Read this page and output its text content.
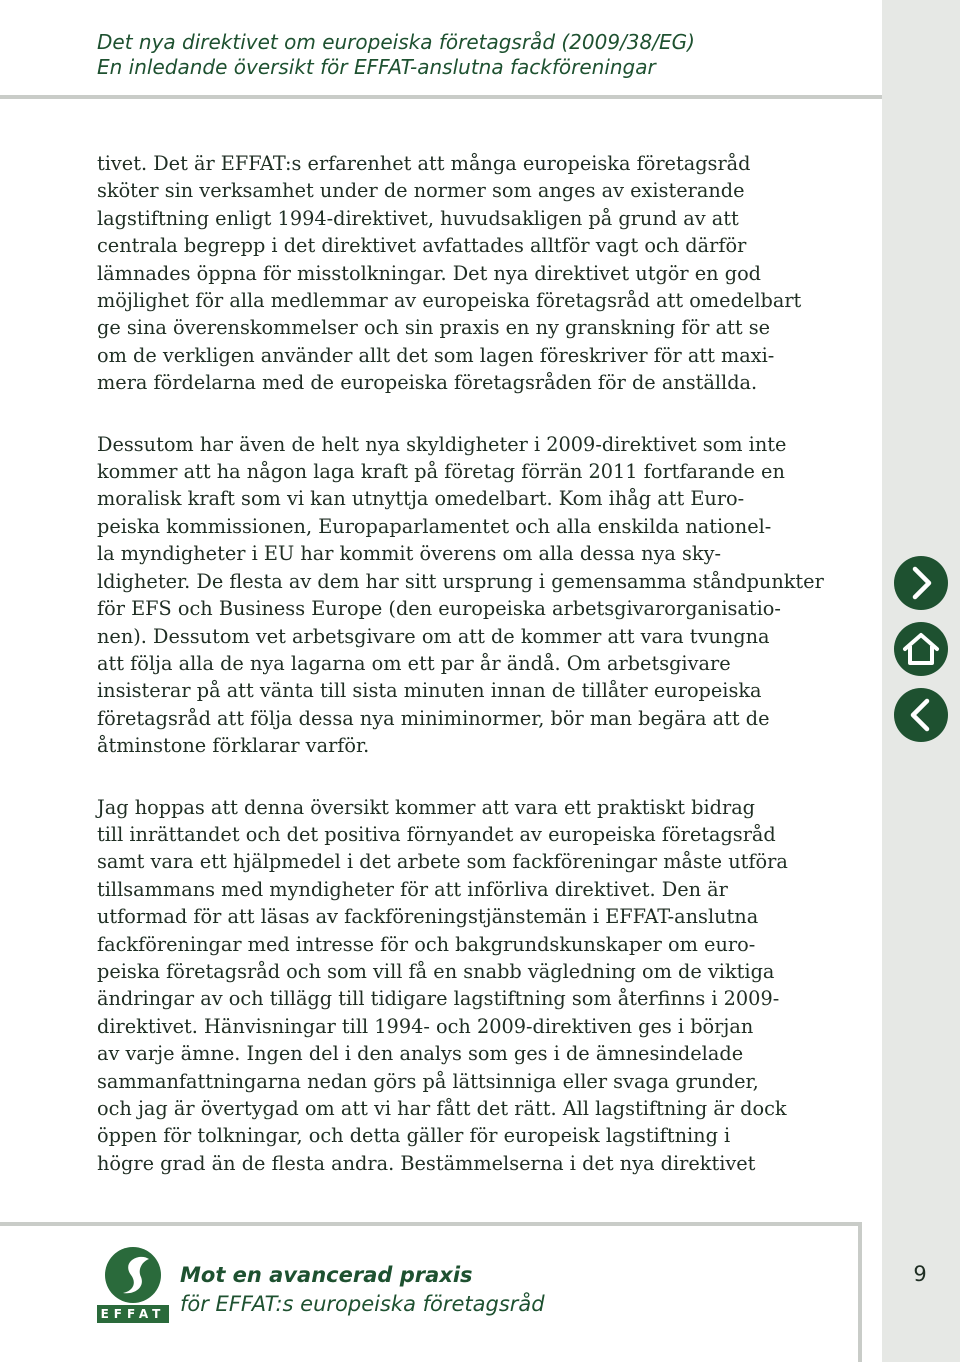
Det nya direktivet om europeiska företagsråd (2009/38/EG)
En inledande översikt för EFFAT-anslutna fackföreningar

tivet. Det är EFFAT:s erfarenhet att många europeiska företagsråd
sköter sin verksamhet under de normer som anges av existerande
lagstiftning enligt 1994-direktivet, huvudsakligen på grund av att
centrala begrepp i det direktivet avfattades alltför vagt och därför
lämnades öppna för misstolkningar. Det nya direktivet utgör en god
möjlighet för alla medlemmar av europeiska företagsråd att omedelbart
ge sina överenskommelser och sin praxis en ny granskning för att se
om de verkligen använder allt det som lagen föreskriver för att maxi-
mera fördelarna med de europeiska företagsråden för de anställda.

Dessutom har även de helt nya skyldigheter i 2009-direktivet som inte
kommer att ha någon laga kraft på företag förrän 2011 fortfarande en
moralisk kraft som vi kan utnyttja omedelbart. Kom ihåg att Euro-
peiska kommissionen, Europaparlamentet och alla enskilda nationel-
la myndigheter i EU har kommit överens om alla dessa nya sky-
ldigheter. De flesta av dem har sitt ursprung i gemensamma ståndpunkter
för EFS och Business Europe (den europeiska arbetsgivarorganisatio-
nen). Dessutom vet arbetsgivare om att de kommer att vara tvungna
att följa alla de nya lagarna om ett par år ändå. Om arbetsgivare
insisterar på att vänta till sista minuten innan de tillåter europeiska
företagsråd att följa dessa nya miniminormer, bör man begära att de
åtminstone förklarar varför.

Jag hoppas att denna översikt kommer att vara ett praktiskt bidrag
till inrättandet och det positiva förnyandet av europeiska företagsråd
samt vara ett hjälpmedel i det arbete som fackföreningar måste utföra
tillsammans med myndigheter för att införliva direktivet. Den är
utformad för att läsas av fackföreningstjänstemän i EFFAT-anslutna
fackföreningar med intresse för och bakgrundskunskaper om euro-
peiska företagsråd och som vill få en snabb vägledning om de viktiga
ändringar av och tillägg till tidigare lagstiftning som återfinns i 2009-
direktivet. Hänvisningar till 1994- och 2009-direktiven ges i början
av varje ämne. Ingen del i den analys som ges i de ämnesindelade
sammanfattningarna nedan görs på lättsinniga eller svaga grunder,
och jag är övertygad om att vi har fått det rätt. All lagstiftning är dock
öppen för tolkningar, och detta gäller för europeisk lagstiftning i
högre grad än de flesta andra. Bestämmelserna i det nya direktivet

EFFAT
Mot en avancerad praxis
för EFFAT:s europeiska företagsråd
9
